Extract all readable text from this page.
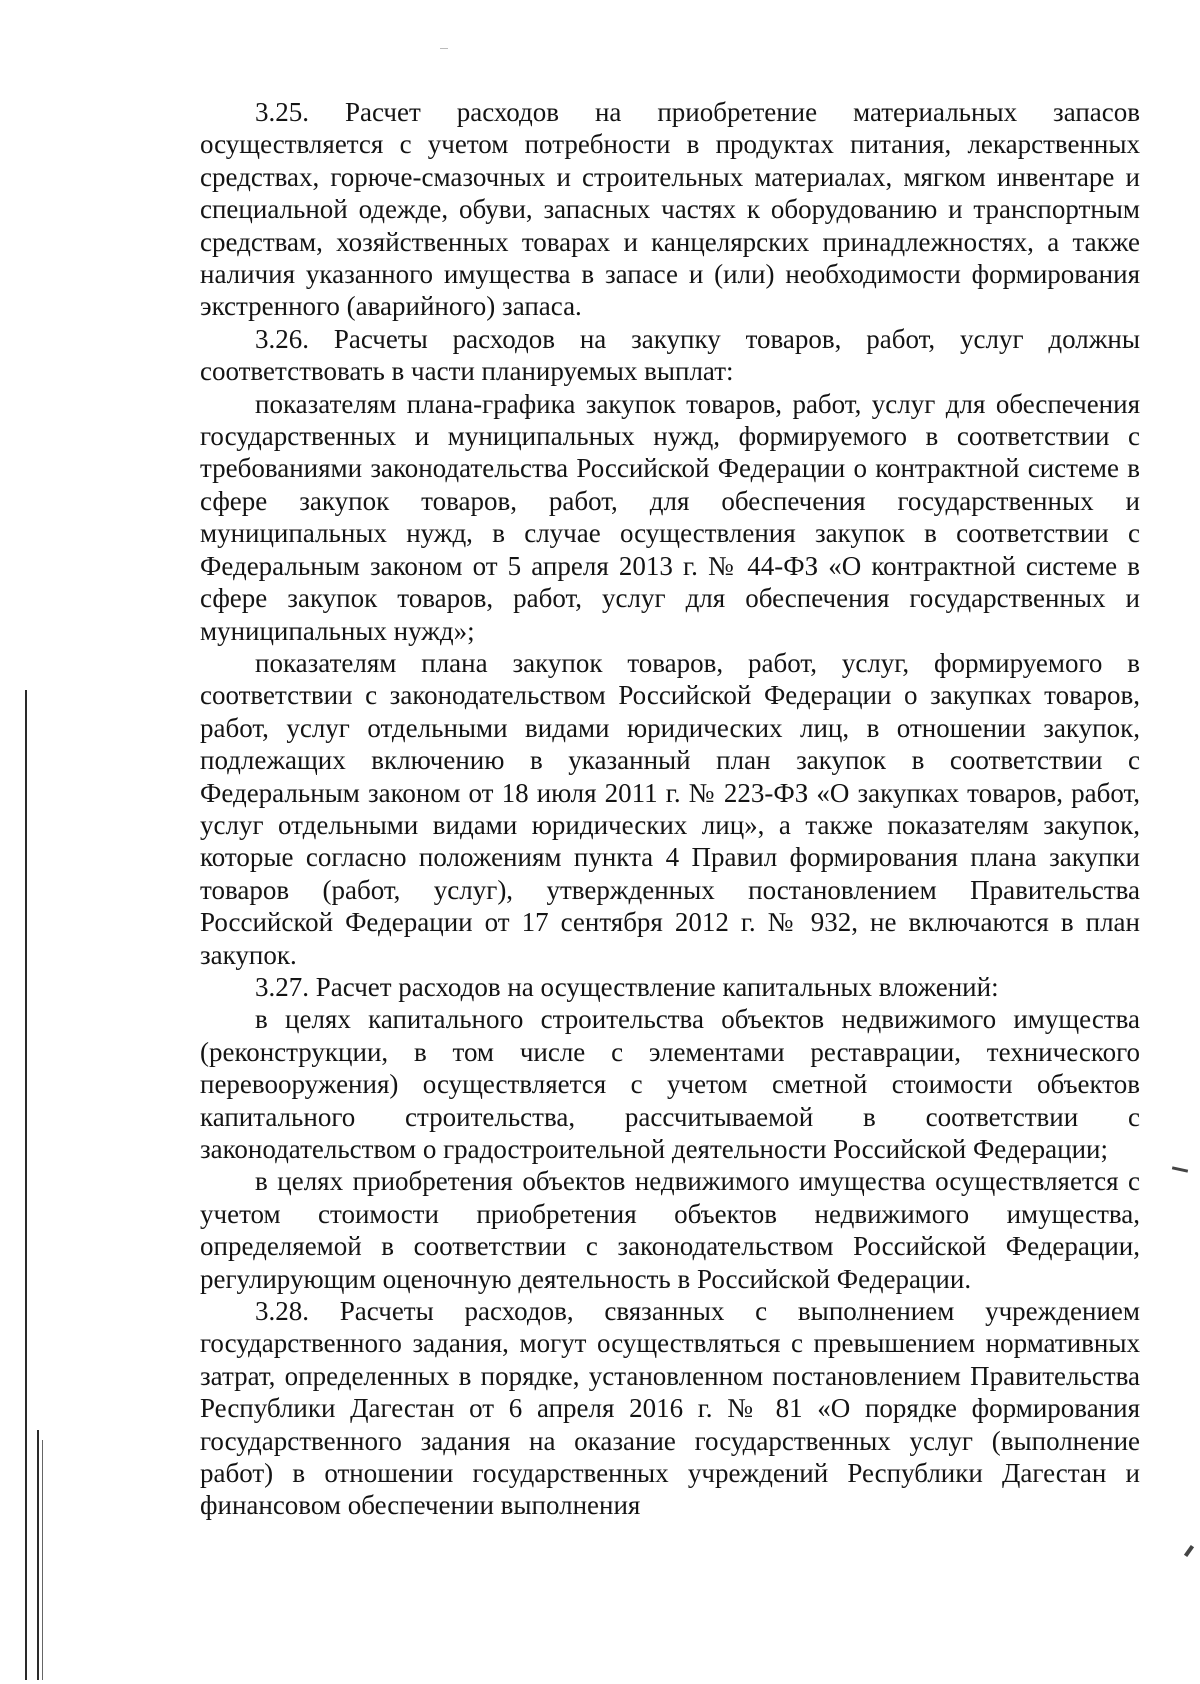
3.25. Расчет расходов на приобретение материальных запасов осуществляется с учетом потребности в продуктах питания, лекарственных средствах, горюче-смазочных и строительных материалах, мягком инвентаре и специальной одежде, обуви, запасных частях к оборудованию и транспортным средствам, хозяйственных товарах и канцелярских принадлежностях, а также наличия указанного имущества в запасе и (или) необходимости формирования экстренного (аварийного) запаса.

3.26. Расчеты расходов на закупку товаров, работ, услуг должны соответствовать в части планируемых выплат:

показателям плана-графика закупок товаров, работ, услуг для обеспечения государственных и муниципальных нужд, формируемого в соответствии с требованиями законодательства Российской Федерации о контрактной системе в сфере закупок товаров, работ, для обеспечения государственных и муниципальных нужд, в случае осуществления закупок в соответствии с Федеральным законом от 5 апреля 2013 г. № 44-ФЗ «О контрактной системе в сфере закупок товаров, работ, услуг для обеспечения государственных и муниципальных нужд»;

показателям плана закупок товаров, работ, услуг, формируемого в соответствии с законодательством Российской Федерации о закупках товаров, работ, услуг отдельными видами юридических лиц, в отношении закупок, подлежащих включению в указанный план закупок в соответствии с Федеральным законом от 18 июля 2011 г. № 223-ФЗ «О закупках товаров, работ, услуг отдельными видами юридических лиц», а также показателям закупок, которые согласно положениям пункта 4 Правил формирования плана закупки товаров (работ, услуг), утвержденных постановлением Правительства Российской Федерации от 17 сентября 2012 г. № 932, не включаются в план закупок.

3.27. Расчет расходов на осуществление капитальных вложений:

в целях капитального строительства объектов недвижимого имущества (реконструкции, в том числе с элементами реставрации, технического перевооружения) осуществляется с учетом сметной стоимости объектов капитального строительства, рассчитываемой в соответствии с законодательством о градостроительной деятельности Российской Федерации;

в целях приобретения объектов недвижимого имущества осуществляется с учетом стоимости приобретения объектов недвижимого имущества, определяемой в соответствии с законодательством Российской Федерации, регулирующим оценочную деятельность в Российской Федерации.

3.28. Расчеты расходов, связанных с выполнением учреждением государственного задания, могут осуществляться с превышением нормативных затрат, определенных в порядке, установленном постановлением Правительства Республики Дагестан от 6 апреля 2016 г. № 81 «О порядке формирования государственного задания на оказание государственных услуг (выполнение работ) в отношении государственных учреждений Республики Дагестан и финансовом обеспечении выполнения
